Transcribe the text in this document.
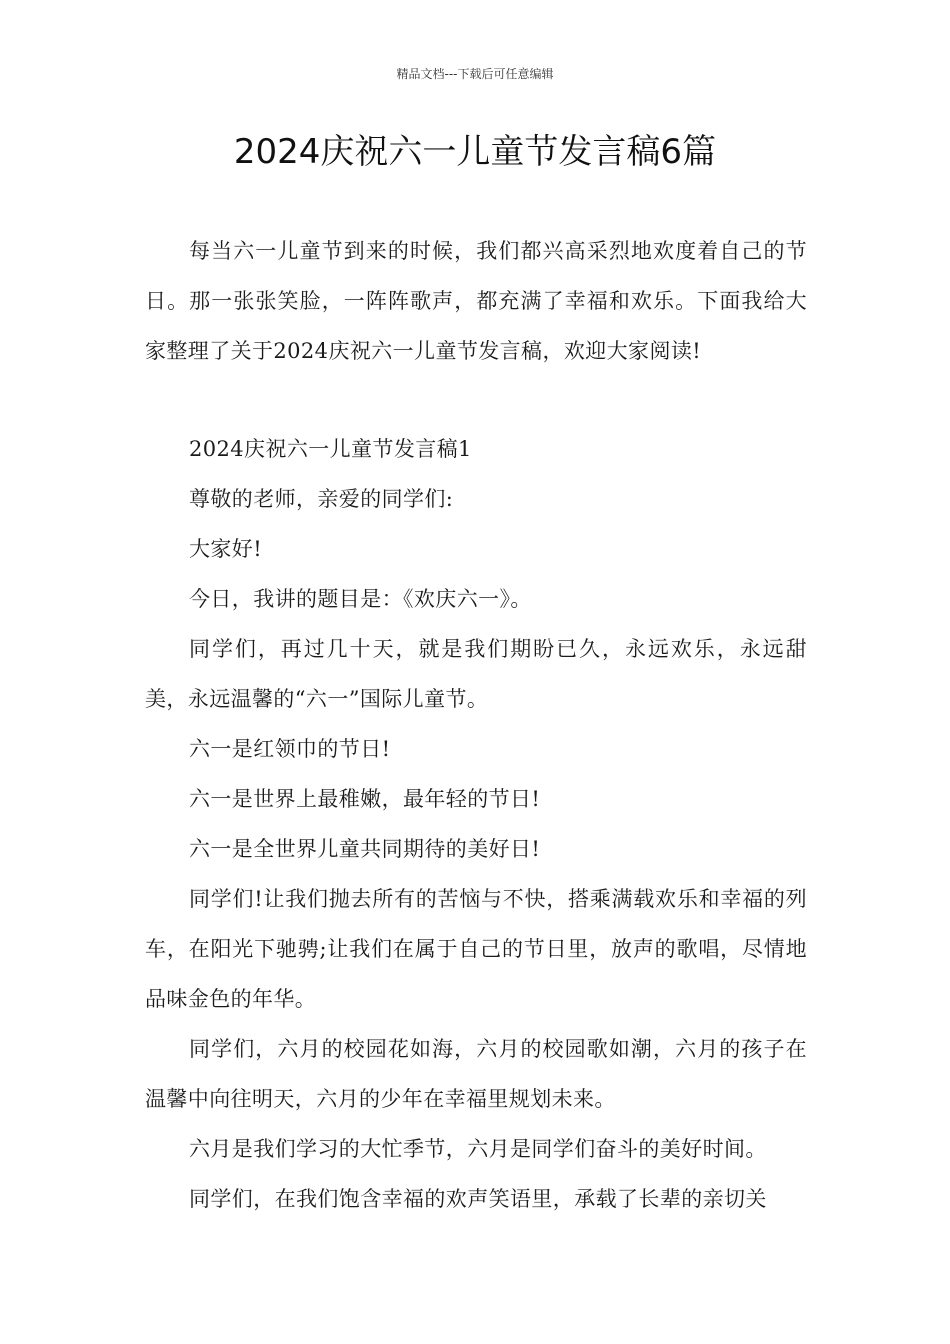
精品文档---下载后可任意编辑
2024庆祝六一儿童节发言稿6篇

每当六一儿童节到来的时候，我们都兴高采烈地欢度着自己的节日。那一张张笑脸，一阵阵歌声，都充满了幸福和欢乐。下面我给大家整理了关于2024庆祝六一儿童节发言稿，欢迎大家阅读!

2024庆祝六一儿童节发言稿1

尊敬的老师，亲爱的同学们:

大家好!

今日，我讲的题目是：《欢庆六一》。

同学们，再过几十天，就是我们期盼已久，永远欢乐，永远甜美，永远温馨的“六一”国际儿童节。

六一是红领巾的节日!

六一是世界上最稚嫩，最年轻的节日!

六一是全世界儿童共同期待的美好日!

同学们!让我们抛去所有的苦恼与不快，搭乘满载欢乐和幸福的列车，在阳光下驰骋;让我们在属于自己的节日里，放声的歌唱，尽情地品味金色的年华。

同学们，六月的校园花如海，六月的校园歌如潮，六月的孩子在温馨中向往明天，六月的少年在幸福里规划未来。

六月是我们学习的大忙季节，六月是同学们奋斗的美好时间。

同学们，在我们饱含幸福的欢声笑语里，承载了长辈的亲切关
